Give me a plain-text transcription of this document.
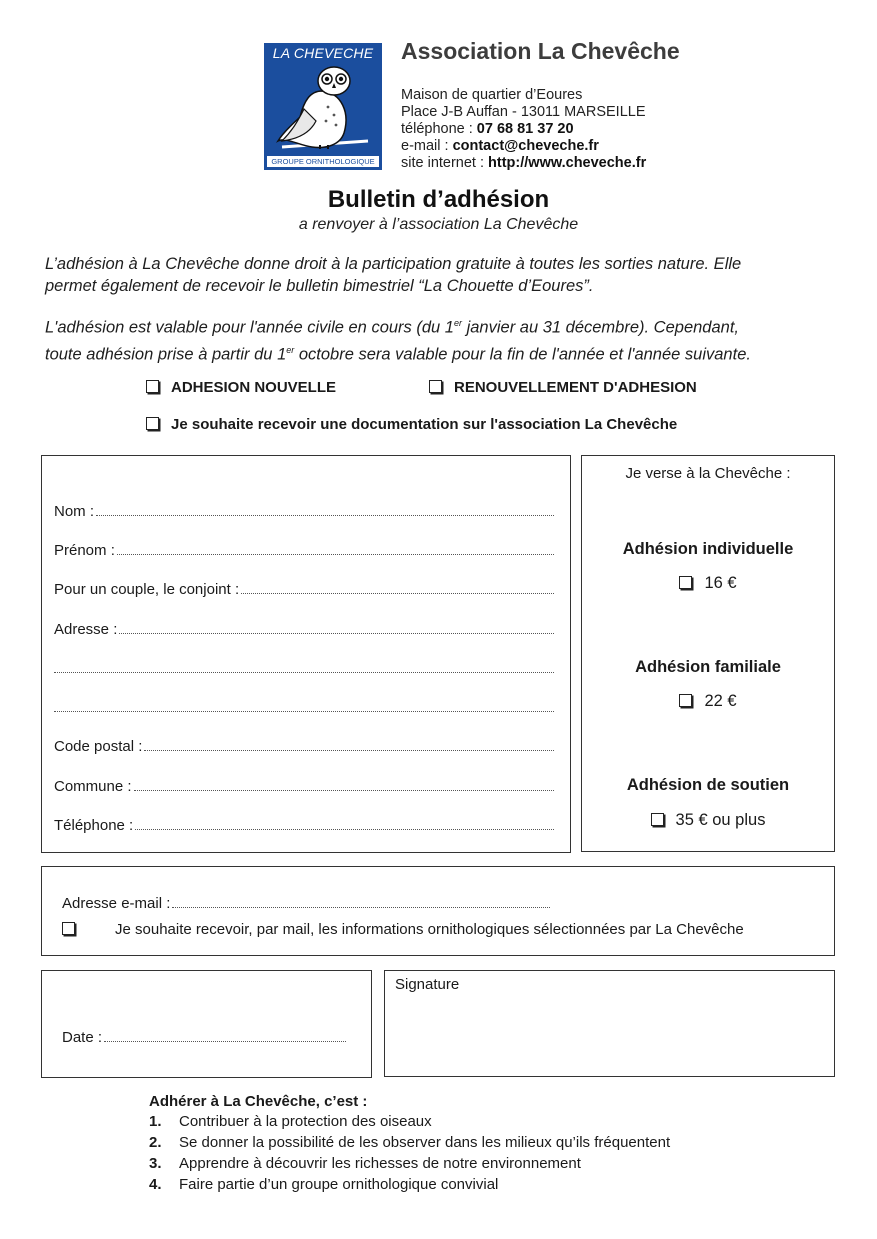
LA CHEVECHE
GROUPE ORNITHOLOGIQUE
Association La Chevêche
Maison de quartier d’Eoures
Place J-B Auffan - 13011 MARSEILLE
téléphone : 07 68 81 37 20
e-mail : contact@cheveche.fr
site internet : http://www.cheveche.fr
Bulletin d’adhésion
a renvoyer à l’association La Chevêche
L’adhésion à La Chevêche donne droit à la participation gratuite à toutes les sorties nature. Elle
permet également de recevoir le bulletin bimestriel “La Chouette d’Eoures”.
L'adhésion est valable pour l'année civile en cours (du 1er janvier au 31 décembre). Cependant,
toute adhésion prise à partir du 1er octobre sera valable pour la fin de l'année et l'année suivante.
ADHESION NOUVELLE	RENOUVELLEMENT D'ADHESION
Je souhaite recevoir une documentation sur l'association La Chevêche
Nom :
Prénom :
Pour un couple, le conjoint :
Adresse :
Code postal :
Commune :
Téléphone :
Je verse à la Chevêche :
Adhésion individuelle
16 €
Adhésion familiale
22 €
Adhésion de soutien
35 € ou plus
Adresse e-mail :
Je souhaite recevoir, par mail, les informations ornithologiques sélectionnées par La Chevêche
Date :
Signature
Adhérer à La Chevêche, c’est :
1. Contribuer à la protection des oiseaux
2. Se donner la possibilité de les observer dans les milieux qu’ils fréquentent
3. Apprendre à découvrir les richesses de notre environnement
4. Faire partie d’un groupe ornithologique convivial
